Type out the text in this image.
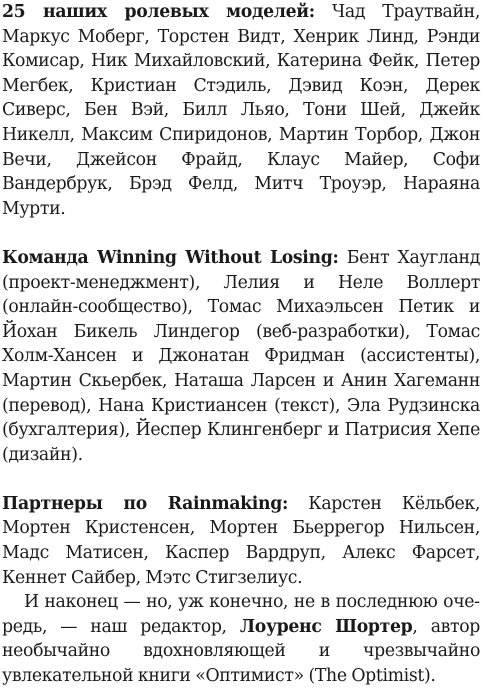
25 наших ролевых моделей: Чад Траутвайн, Маркус Моберг, Торстен Видт, Хенрик Линд, Рэнди Комисар, Ник Михайловский, Катерина Фейк, Петер Мегбек, Кристиан Стэдиль, Дэвид Коэн, Дерек Сиверс, Бен Вэй, Билл Льяо, Тони Шей, Джейк Никелл, Максим Спиридонов, Мартин Торбор, Джон Вечи, Джейсон Фрайд, Клаус Майер, Софи Вандербрук, Брэд Фелд, Митч Троуэр, Нараяна Мурти.

Команда Winning Without Losing: Бент Хаугланд (проект-менеджмент), Лелия и Неле Воллерт (онлайн-сообщество), Томас Михаэльсен Петик и Йохан Бикель Линдегор (веб-разработки), Томас Холм-Хансен и Джонатан Фридман (ассистенты), Мартин Скьербек, Наташа Ларсен и Анин Хагеманн (перевод), Нана Кристиансен (текст), Эла Рудзинска (бухгалтерия), Йеспер Клингенберг и Патрисия Хепе (дизайн).

Партнеры по Rainmaking: Карстен Кёльбек, Мортен Кристенсен, Мортен Бьеррегор Нильсен, Мадс Матисен, Каспер Вардруп, Алекс Фарсет, Кеннет Сайбер, Мэтс Стигзелиус.

И наконец — но, уж конечно, не в последнюю очередь, — наш редактор, Лоуренс Шортер, автор необычайно вдохновляющей и чрезвычайно увлекательной книги «Оптимист» (The Optimist).
